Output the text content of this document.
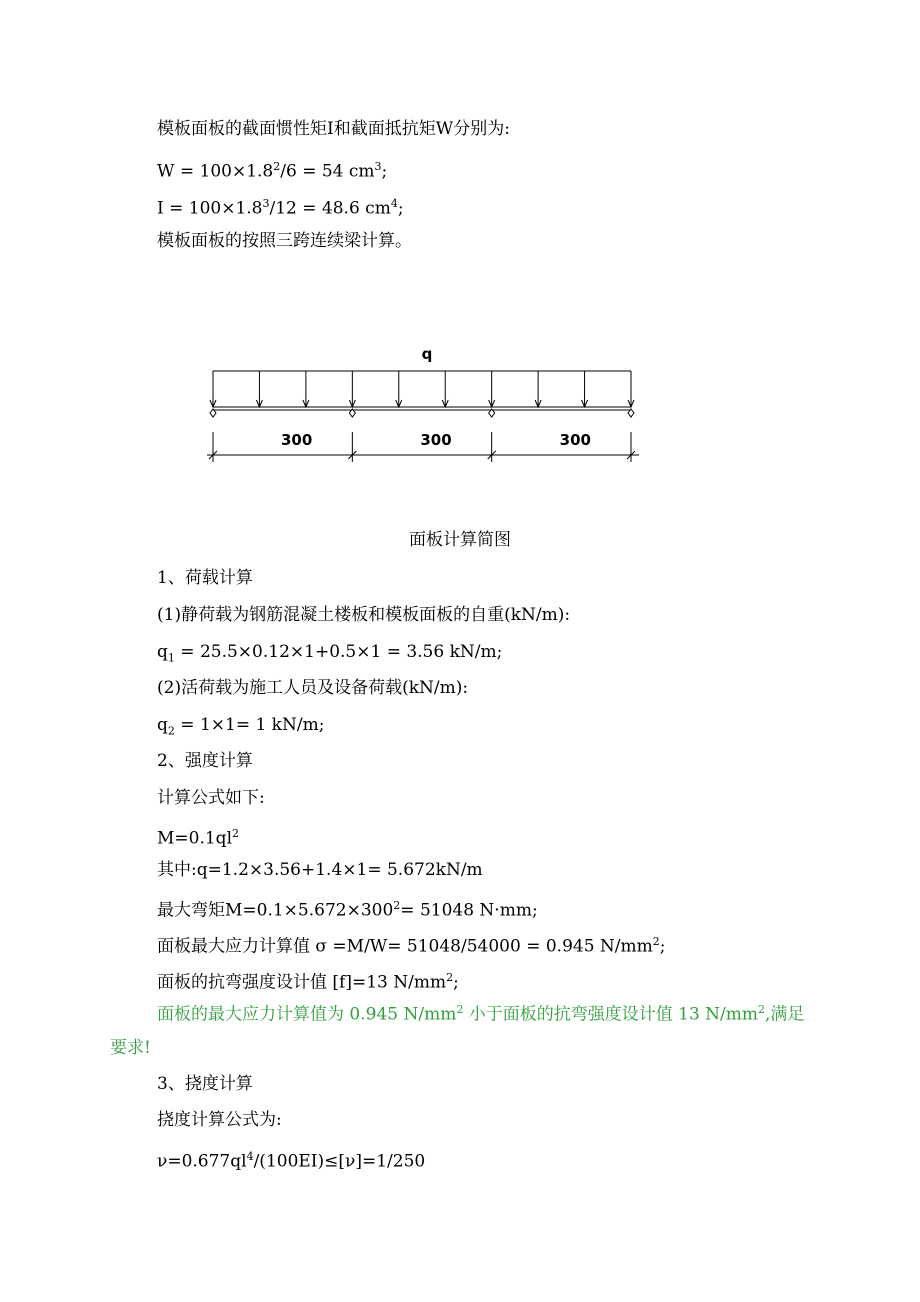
模板面板的截面惯性矩I和截面抵抗矩W分别为:
$W = 100\times 1.8^2/6 = 54$ $cm^3$;
$I = 100\times 1.8^3/12 = 48.6$ $cm^4$;
模板面板的按照三跨连续梁计算。
q
300	300	300
面板计算简图
1、荷载计算
(1)静荷载为钢筋混凝土楼板和模板面板的自重(kN/m):
$q_1 = 25.5\times 0.12\times 1+0.5\times 1 = 3.56$ kN/m;
(2)活荷载为施工人员及设备荷载(kN/m):
$q_2 = 1\times 1= 1$ kN/m;
2、强度计算
计算公式如下:
$M=0.1ql^2$
其中:q=1.2×3.56+1.4×1= 5.672kN/m
最大弯矩$M=0.1\times 5.672\times 300^2= 51048$ N·mm;
面板最大应力计算值 σ =M/W= 51048/54000 = 0.945 $N/mm^2$;
面板的抗弯强度设计值 [f]=13 $N/mm^2$;
面板的最大应力计算值为 0.945 $N/mm^2$ 小于面板的抗弯强度设计值 13 $N/mm^2$,满足
要求!
3、挠度计算
挠度计算公式为:
$\nu=0.677ql^4/(100EI)\le[\nu]=1/250$
